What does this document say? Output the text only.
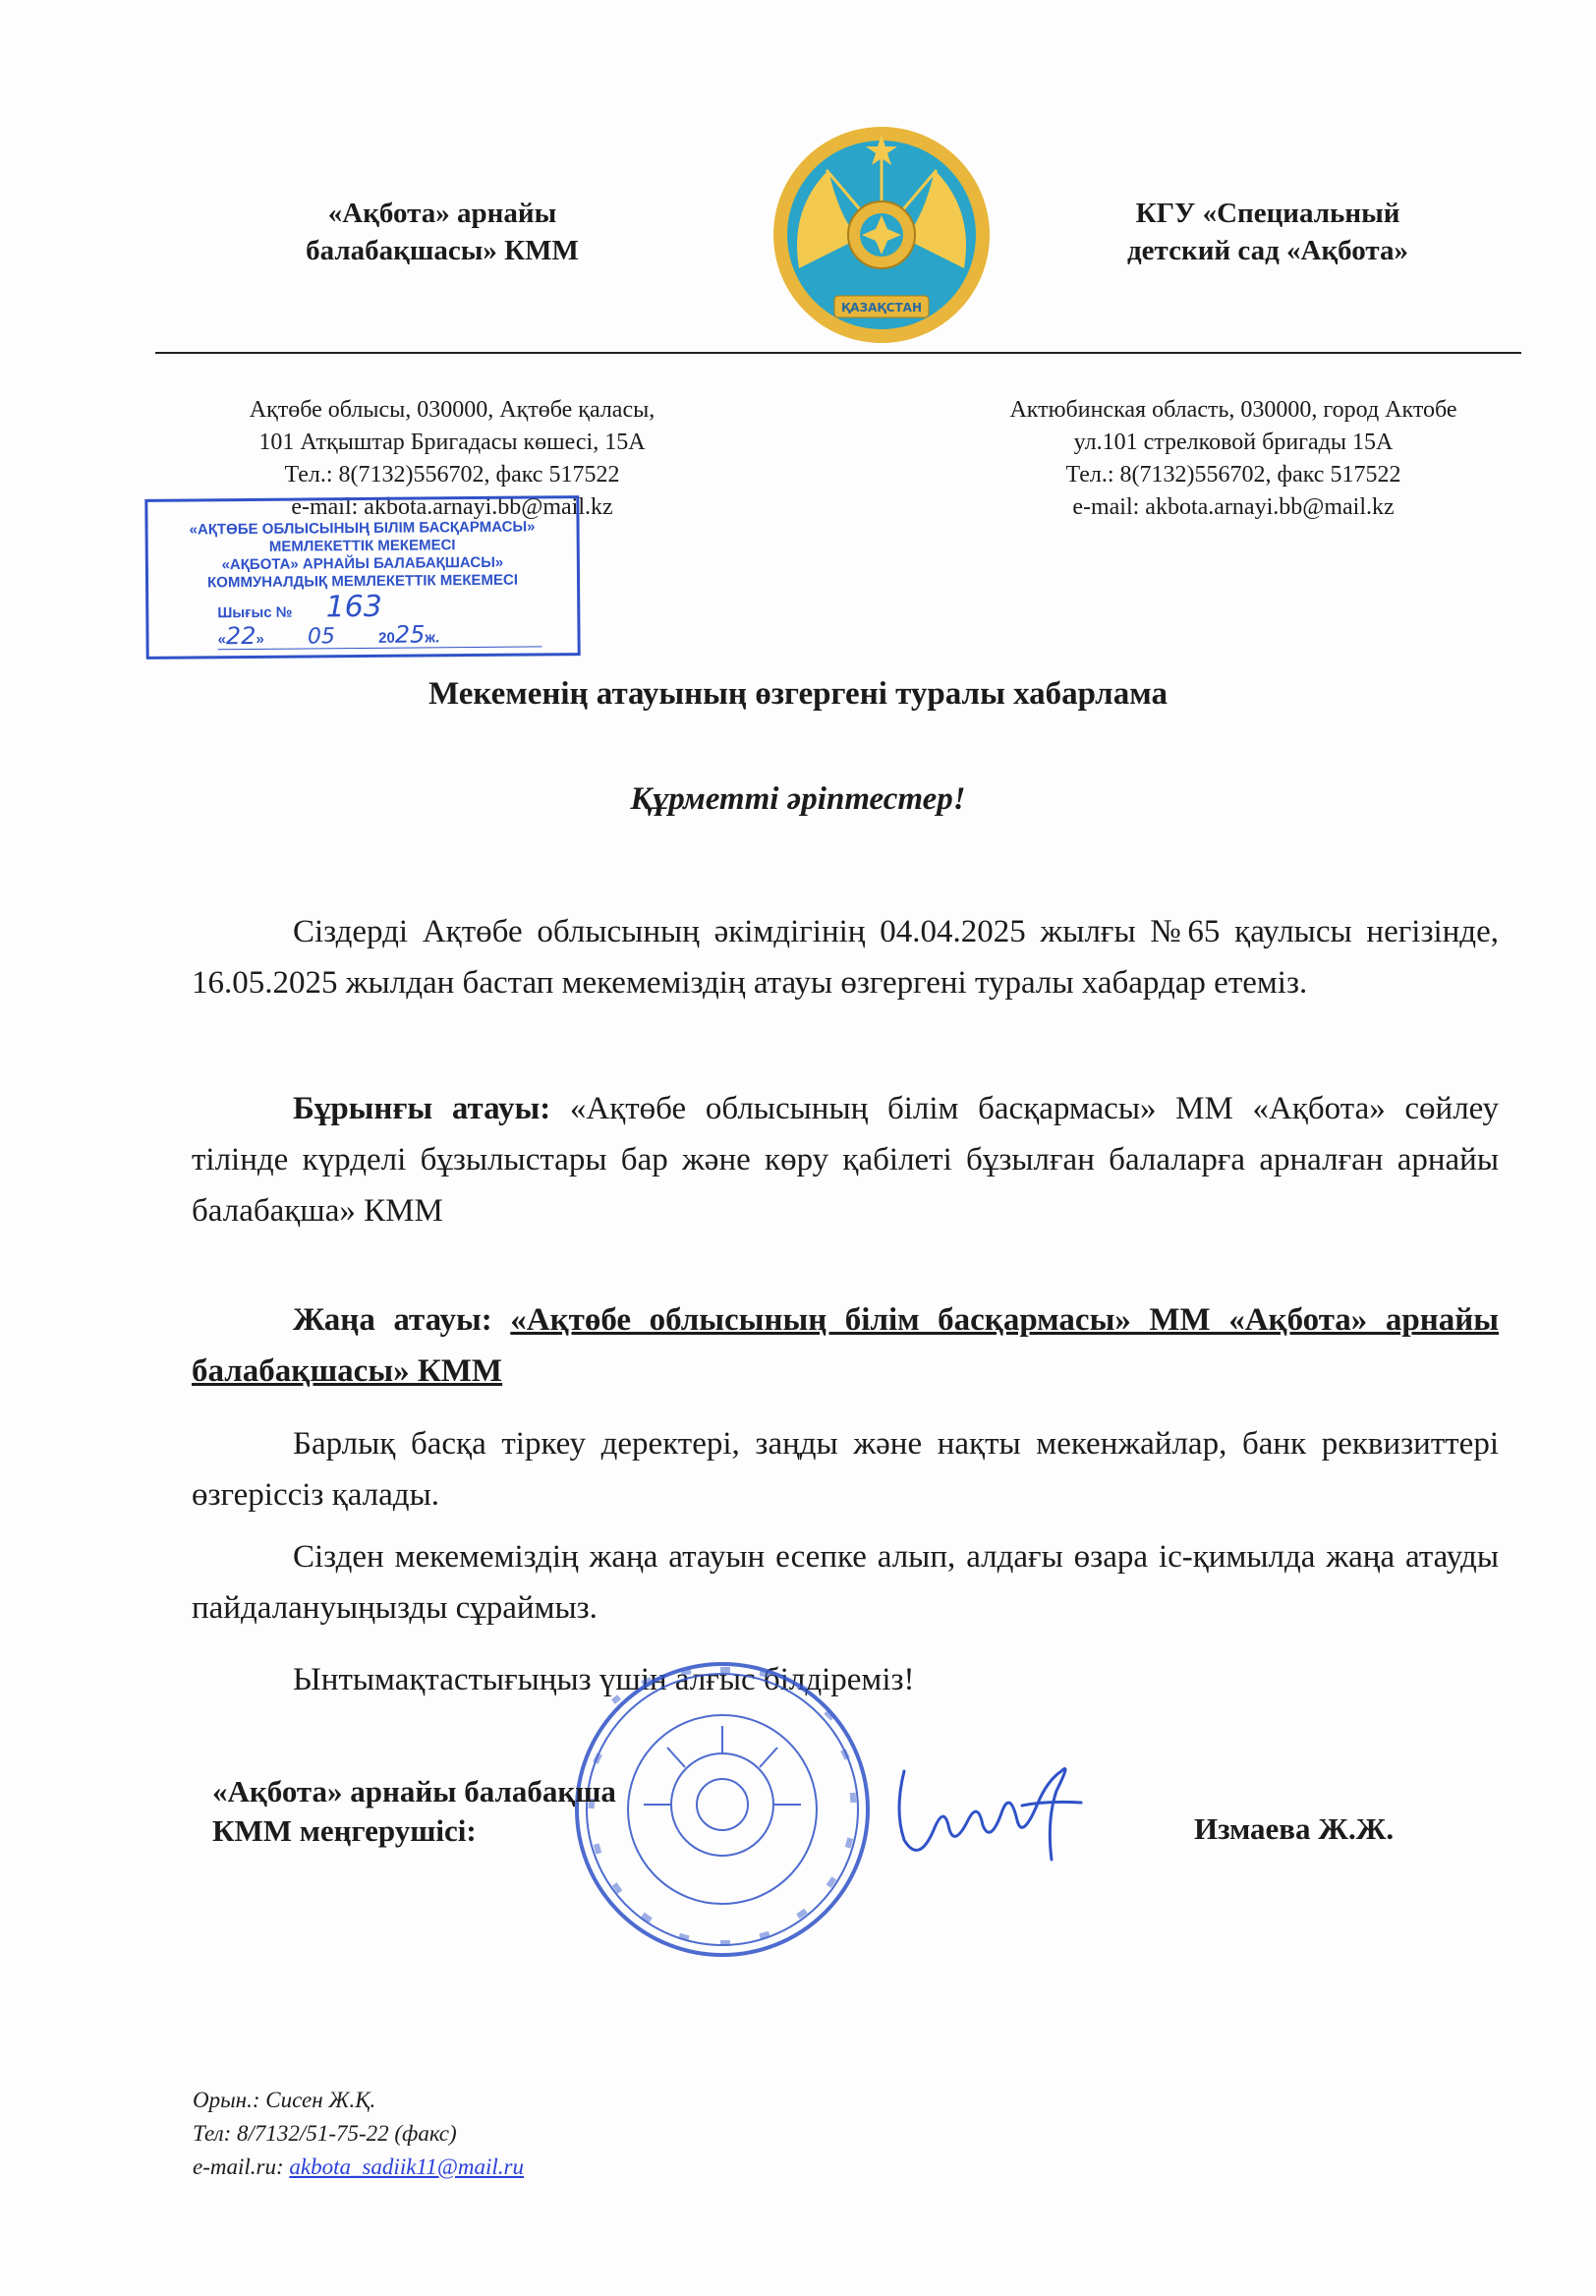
«Ақбота» арнайы
балабақшасы» КММ
ҚАЗАҚСТАН
КГУ «Специальный
детский сад «Ақбота»
Ақтөбе облысы, 030000, Ақтөбе қаласы,
101 Атқыштар Бригадасы көшесі, 15А
Тел.: 8(7132)556702, факс 517522
e-mail: akbota.arnayi.bb@mail.kz
Актюбинская область, 030000, город Актобе
ул.101 стрелковой бригады 15А
Тел.: 8(7132)556702, факс 517522
e-mail: akbota.arnayi.bb@mail.kz
«АҚТӨБЕ ОБЛЫСЫНЫҢ БІЛІМ БАСҚАРМАСЫ»
МЕМЛЕКЕТТІК МЕКЕМЕСІ
«АҚБОТА» АРНАЙЫ БАЛАБАҚШАСЫ»
КОММУНАЛДЫҚ МЕМЛЕКЕТТІК МЕКЕМЕСІ
Шығыс № 163
«22» 05	2025ж.
Мекеменің атауының өзгергені туралы хабарлама
Құрметті әріптестер!

Сіздерді Ақтөбе облысының әкімдігінің 04.04.2025 жылғы №65 қаулысы негізінде, 16.05.2025 жылдан бастап мекемеміздің атауы өзгергені туралы хабардар етеміз.

Бұрынғы атауы: «Ақтөбе облысының білім басқармасы» ММ «Ақбота» сөйлеу тілінде күрделі бұзылыстары бар және көру қабілеті бұзылған балаларға арналған арнайы балабақша» КММ

Жаңа атауы: «Ақтөбе облысының білім басқармасы» ММ «Ақбота» арнайы балабақшасы» КММ

Барлық басқа тіркеу деректері, заңды және нақты мекенжайлар, банк реквизиттері өзгеріссіз қалады.

Сізден мекемеміздің жаңа атауын есепке алып, алдағы өзара іс-қимылда жаңа атауды пайдалануыңызды сұраймыз.

Ынтымақтастығыңыз үшін алғыс білдіреміз!

«Ақбота» арнайы балабақша
КММ меңгерушісі:	Измаева Ж.Ж.
Орын.: Сисен Ж.Қ.
Тел: 8/7132/51-75-22 (факс)
e-mail.ru: akbota_sadiik11@mail.ru
